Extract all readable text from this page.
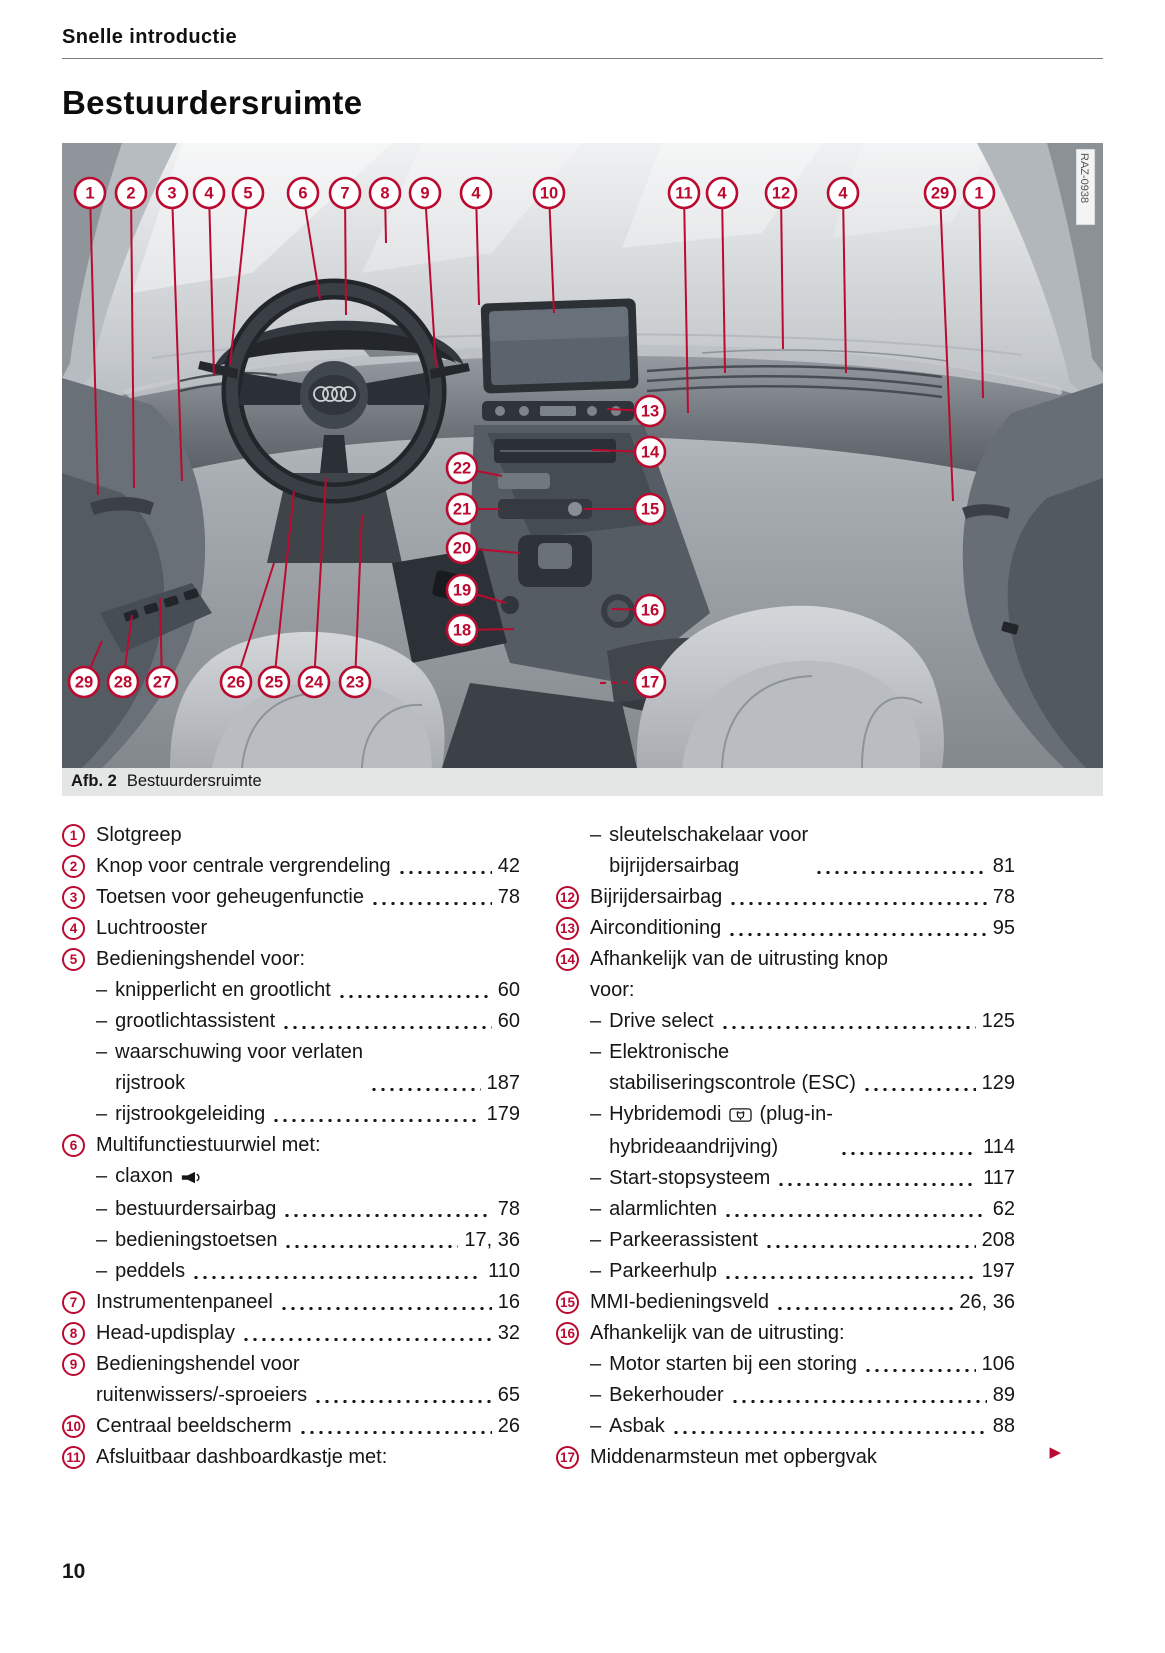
Snelle introductie
Bestuurdersruimte
RAZ-0938
1 2 3 4 5	6 7 8 9	4	10	11 4	12	4	29 1
13
14
15
16
17
22
21
20
19
18
29 28 27	26 25 24 23
Afb. 2 Bestuurdersruimte
1 Slotgreep
2 Knop voor centrale vergrendeling	42
3 Toetsen voor geheugenfunctie	78
4 Luchtrooster
5 Bedieningshendel voor:
– knipperlicht en grootlicht	60
– grootlichtassistent	60
– waarschuwing voor verlaten
rijstrook	187
– rijstrookgeleiding	179
6 Multifunctiestuurwiel met:
– claxon
– bestuurdersairbag	78
– bedieningstoetsen	17, 36
– peddels	110
7 Instrumentenpaneel	16
8 Head-updisplay	32
9 Bedieningshendel voor
ruitenwissers/-sproeiers	65
10 Centraal beeldscherm	26
11 Afsluitbaar dashboardkastje met:
– sleutelschakelaar voor
bijrijdersairbag	81
12 Bijrijdersairbag	78
13 Airconditioning	95
14 Afhankelijk van de uitrusting knop
voor:
– Drive select	125
– Elektronische
stabiliseringscontrole (ESC)	129
– Hybridemodi  (plug-in-
hybrideaandrijving)	114
– Start-stopsysteem	117
– alarmlichten	62
– Parkeerassistent	208
– Parkeerhulp	197
15 MMI-bedieningsveld	26, 36
16 Afhankelijk van de uitrusting:
– Motor starten bij een storing	106
– Bekerhouder	89
– Asbak	88
17 Middenarmsteun met opbergvak	▶
10
